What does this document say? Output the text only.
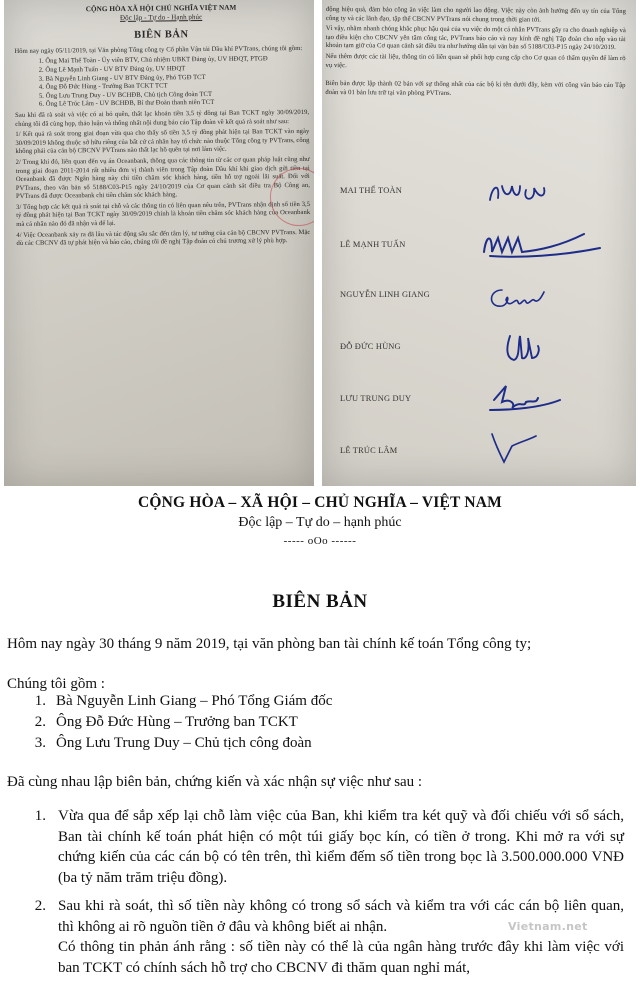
CỘNG HÒA XÃ HỘI CHỦ NGHĨA VIỆT NAM
Độc lập - Tự do - Hạnh phúc
BIÊN BẢN
Hôm nay ngày 05/11/2019, tại Văn phòng Tổng công ty Cổ phần Vận tải Dầu khí PVTrans, chúng tôi gồm:
1. Ông Mai Thế Toàn - Ủy viên BTV, Chủ nhiệm UBKT Đảng ủy, UV HĐQT, PTGĐ
2. Ông Lê Mạnh Tuấn - UV BTV Đảng ủy, UV HĐQT
3. Bà Nguyễn Linh Giang - UV BTV Đảng ủy, Phó TGĐ TCT
4. Ông Đỗ Đức Hùng - Trưởng Ban TCKT TCT
5. Ông Lưu Trung Duy - UV BCHĐB, Chủ tịch Công đoàn TCT
6. Ông Lê Trúc Lâm - UV BCHĐB, Bí thư Đoàn thanh niên TCT
Sau khi đã rà soát và việc có ai bỏ quên, thất lạc khoản tiền 3,5 tỷ đồng tại Ban TCKT ngày 30/09/2019, chúng tôi đã cùng họp, thảo luận và thống nhất nội dung báo cáo Tập đoàn về kết quả rà soát như sau:
1/ Kết quả rà soát trong giai đoạn vừa qua cho thấy số tiền 3,5 tỷ đồng phát hiện tại Ban TCKT vào ngày 30/09/2019 không thuộc sở hữu riêng của bất cứ cá nhân hay tổ chức nào thuộc Tổng công ty PVTrans, công không phải của cán bộ CBCNV PVTrans nào thất lạc hồ quên tại nơi làm việc.
2/ Trong khi đó, liên quan đến vụ án Oceanbank, thông qua các thông tin từ các cơ quan pháp luật cũng như trong giai đoạn 2011-2014 rất nhiều đơn vị thành viên trong Tập đoàn Dầu khí khi giao dịch gửi tiền tại Oceanbank đã được Ngân hàng này chi tiền chăm sóc khách hàng, tiền hỗ trợ ngoài lãi suất. Đối với PVTrans, theo văn bản số 5188/C03-P15 ngày 24/10/2019 của Cơ quan cảnh sát điều tra Bộ Công an, PVTrans đã được Oceanbank chi tiền chăm sóc khách hàng.
3/ Tổng hợp các kết quả rà soát tại chỗ và các thông tin có liên quan nêu trên, PVTrans nhận định số tiền 3,5 tỷ đồng phát hiện tại Ban TCKT ngày 30/09/2019 chính là khoản tiền chăm sóc khách hàng của Oceanbank mà cá nhân nào đó đã nhận và để lại.
4/ Việc Oceanbank xảy ra đã lâu và tác động sâu sắc đến tâm lý, tư tưởng của cán bộ CBCNV PVTrans. Mặc dù các CBCNV đã tự phát hiện và báo cáo, chúng tôi đề nghị Tập đoàn có chủ trương xử lý phù hợp.
động hiệu quả, đảm bảo công ăn việc làm cho người lao động. Việc này còn ảnh hưởng đến uy tín của Tổng công ty và các lãnh đạo, tập thể CBCNV PVTrans nói chung trong thời gian tới.
Vì vậy, nhằm nhanh chóng khắc phục hậu quả của vụ việc do một cá nhân PVTrans gây ra cho doanh nghiệp và tạo điều kiện cho CBCNV yên tâm công tác, PVTrans báo cáo và nay kính đề nghị Tập đoàn cho nộp vào tài khoản tạm giữ của Cơ quan cảnh sát điều tra như hướng dẫn tại văn bản số 5188/C03-P15 ngày 24/10/2019.
Nếu thêm được các tài liệu, thông tin có liên quan sẽ phối hợp cung cấp cho Cơ quan có thẩm quyền để làm rõ vụ việc.
Biên bản được lập thành 02 bản với sự thống nhất của các bộ kí tên dưới đây, kèm với công văn báo cáo Tập đoàn và 01 bản lưu trữ tại văn phòng PVTrans.
MAI THẾ TOÀN
LÊ MẠNH TUẤN
NGUYỄN LINH GIANG
ĐỖ ĐỨC HÙNG
LƯU TRUNG DUY
LÊ TRÚC LÂM
CỘNG HÒA – XÃ HỘI – CHỦ NGHĨA – VIỆT NAM
Độc lập – Tự do – hạnh phúc
----- oOo ------
BIÊN BẢN
Hôm nay ngày 30 tháng 9 năm 2019, tại văn phòng ban tài chính kế toán Tổng công ty;
Chúng tôi gồm :
1. Bà Nguyễn Linh Giang – Phó Tổng Giám đốc
2. Ông Đỗ Đức Hùng – Trưởng ban TCKT
3. Ông Lưu Trung Duy – Chủ tịch công đoàn
Đã cùng nhau lập biên bản, chứng kiến và xác nhận sự việc như sau :
1. Vừa qua để sắp xếp lại chỗ làm việc của Ban, khi kiểm tra két quỹ và đối chiếu với sổ sách, Ban tài chính kế toán phát hiện có một túi giấy bọc kín, có tiền ở trong. Khi mở ra với sự chứng kiến của các cán bộ có tên trên, thì kiểm đếm số tiền trong bọc là 3.500.000.000 VNĐ (ba tỷ năm trăm triệu đồng).
2. Sau khi rà soát, thì số tiền này không có trong sổ sách và kiểm tra với các cán bộ liên quan, thì không ai rõ nguồn tiền ở đâu và không biết ai nhận.
Có thông tin phản ánh rằng : số tiền này có thể là của ngân hàng trước đây khi làm việc với ban TCKT có chính sách hỗ trợ cho CBCNV đi thăm quan nghỉ mát,
Vietnam.net
